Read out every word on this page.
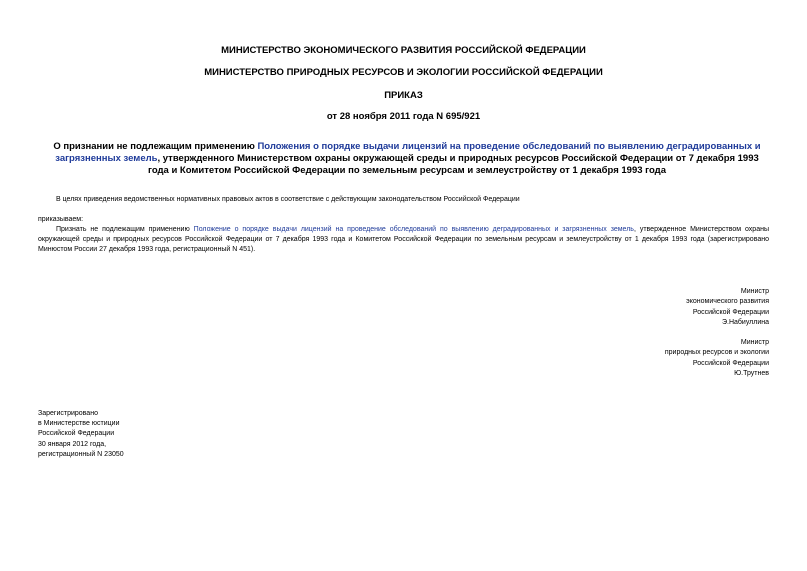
МИНИСТЕРСТВО ЭКОНОМИЧЕСКОГО РАЗВИТИЯ РОССИЙСКОЙ ФЕДЕРАЦИИ
МИНИСТЕРСТВО ПРИРОДНЫХ РЕСУРСОВ И ЭКОЛОГИИ РОССИЙСКОЙ ФЕДЕРАЦИИ
ПРИКАЗ
от 28 ноября 2011 года N 695/921
О признании не подлежащим применению Положения о порядке выдачи лицензий на проведение обследований по выявлению деградированных и загрязненных земель, утвержденного Министерством охраны окружающей среды и природных ресурсов Российской Федерации от 7 декабря 1993 года и Комитетом Российской Федерации по земельным ресурсам и землеустройству от 1 декабря 1993 года
В целях приведения ведомственных нормативных правовых актов в соответствие с действующим законодательством Российской Федерации
приказываем:
Признать не подлежащим применению Положение о порядке выдачи лицензий на проведение обследований по выявлению деградированных и загрязненных земель, утвержденное Министерством охраны окружающей среды и природных ресурсов Российской Федерации от 7 декабря 1993 года и Комитетом Российской Федерации по земельным ресурсам и землеустройству от 1 декабря 1993 года (зарегистрировано Минюстом России 27 декабря 1993 года, регистрационный N 451).
Министр
экономического развития
Российской Федерации
Э.Набиуллина
Министр
природных ресурсов и экологии
Российской Федерации
Ю.Трутнев
Зарегистрировано
в Министерстве юстиции
Российской Федерации
30 января 2012 года,
регистрационный N 23050
